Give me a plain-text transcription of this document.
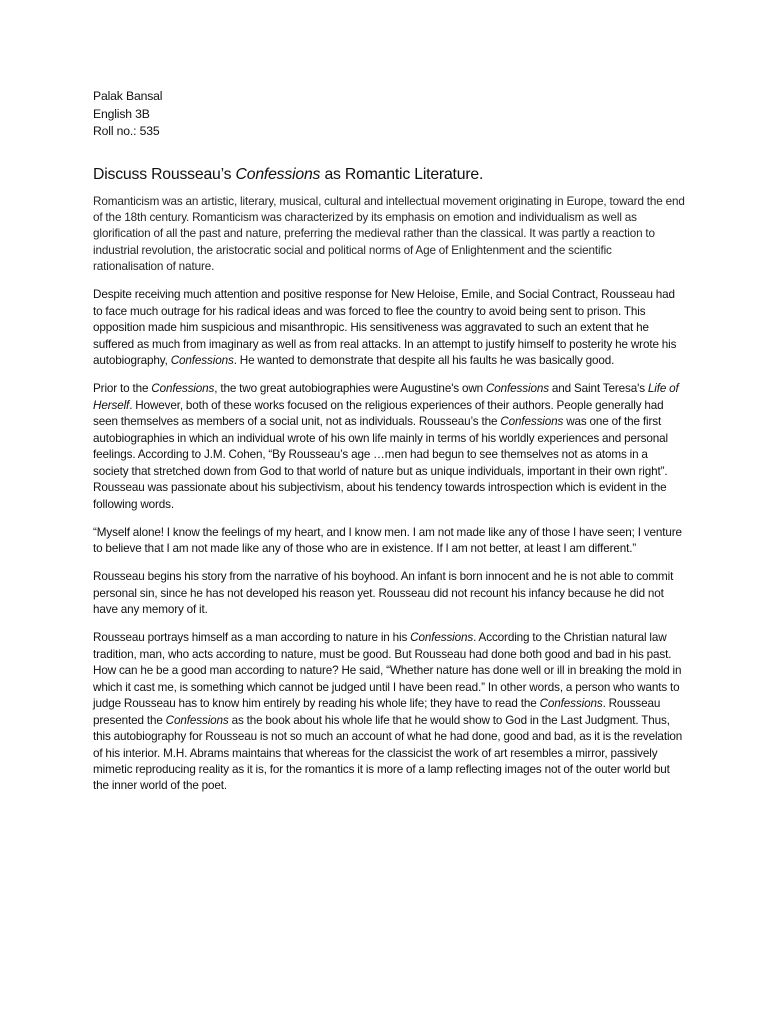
Palak Bansal
English 3B
Roll no.: 535
Discuss Rousseau’s Confessions as Romantic Literature.

Romanticism was an artistic, literary, musical, cultural and intellectual movement originating in Europe, toward the end of the 18th century. Romanticism was characterized by its emphasis on emotion and individualism as well as glorification of all the past and nature, preferring the medieval rather than the classical. It was partly a reaction to industrial revolution, the aristocratic social and political norms of Age of Enlightenment and the scientific rationalisation of nature.

Despite receiving much attention and positive response for New Heloise, Emile, and Social Contract, Rousseau had to face much outrage for his radical ideas and was forced to flee the country to avoid being sent to prison. This opposition made him suspicious and misanthropic. His sensitiveness was aggravated to such an extent that he suffered as much from imaginary as well as from real attacks. In an attempt to justify himself to posterity he wrote his autobiography, Confessions. He wanted to demonstrate that despite all his faults he was basically good.

Prior to the Confessions, the two great autobiographies were Augustine's own Confessions and Saint Teresa's Life of Herself. However, both of these works focused on the religious experiences of their authors. People generally had seen themselves as members of a social unit, not as individuals. Rousseau’s the Confessions was one of the first autobiographies in which an individual wrote of his own life mainly in terms of his worldly experiences and personal feelings. According to J.M. Cohen, “By Rousseau’s age …men had begun to see themselves not as atoms in a society that stretched down from God to that world of nature but as unique individuals, important in their own right”. Rousseau was passionate about his subjectivism, about his tendency towards introspection which is evident in the following words.

“Myself alone! I know the feelings of my heart, and I know men. I am not made like any of those I have seen; I venture to believe that I am not made like any of those who are in existence. If I am not better, at least I am different.”

Rousseau begins his story from the narrative of his boyhood. An infant is born innocent and he is not able to commit personal sin, since he has not developed his reason yet. Rousseau did not recount his infancy because he did not have any memory of it.

Rousseau portrays himself as a man according to nature in his Confessions. According to the Christian natural law tradition, man, who acts according to nature, must be good. But Rousseau had done both good and bad in his past. How can he be a good man according to nature? He said, “Whether nature has done well or ill in breaking the mold in which it cast me, is something which cannot be judged until I have been read.” In other words, a person who wants to judge Rousseau has to know him entirely by reading his whole life; they have to read the Confessions. Rousseau presented the Confessions as the book about his whole life that he would show to God in the Last Judgment. Thus, this autobiography for Rousseau is not so much an account of what he had done, good and bad, as it is the revelation of his interior. M.H. Abrams maintains that whereas for the classicist the work of art resembles a mirror, passively mimetic reproducing reality as it is, for the romantics it is more of a lamp reflecting images not of the outer world but the inner world of the poet.
